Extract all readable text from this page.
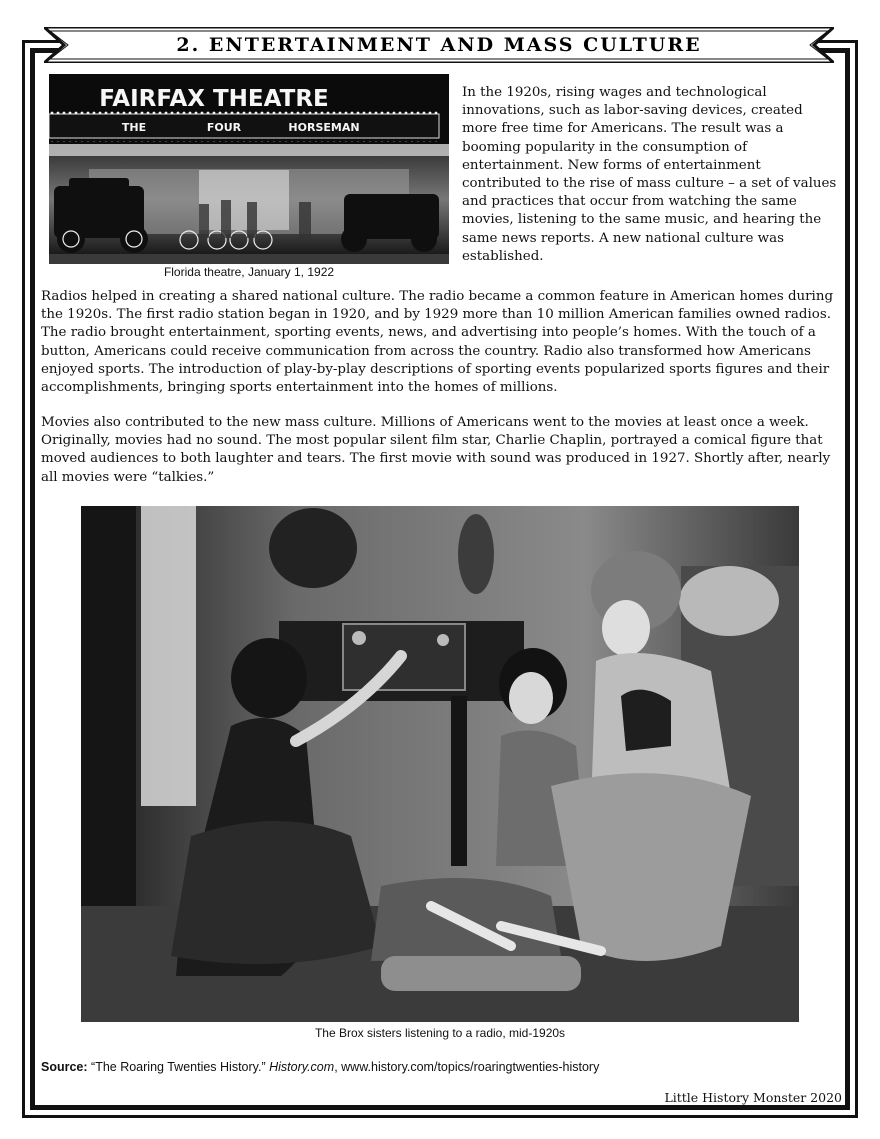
2. ENTERTAINMENT AND MASS CULTURE
FAIRFAX THEATRE
THE	FOUR	HORSEMAN
Florida theatre, January 1, 1922

In the 1920s, rising wages and technological innovations, such as labor-saving devices, created more free time for Americans. The result was a booming popularity in the consumption of entertainment. New forms of entertainment contributed to the rise of mass culture – a set of values and practices that occur from watching the same movies, listening to the same music, and hearing the same news reports. A new national culture was established.

Radios helped in creating a shared national culture. The radio became a common feature in American homes during the 1920s. The first radio station began in 1920, and by 1929 more than 10 million American families owned radios. The radio brought entertainment, sporting events, news, and advertising into people’s homes. With the touch of a button, Americans could receive communication from across the country. Radio also transformed how Americans enjoyed sports. The introduction of play-by-play descriptions of sporting events popularized sports figures and their accomplishments, bringing sports entertainment into the homes of millions.

Movies also contributed to the new mass culture. Millions of Americans went to the movies at least once a week. Originally, movies had no sound. The most popular silent film star, Charlie Chaplin, portrayed a comical figure that moved audiences to both laughter and tears. The first movie with sound was produced in 1927. Shortly after, nearly all movies were “talkies.”

The Brox sisters listening to a radio, mid-1920s
Source: “The Roaring Twenties History.” History.com, www.history.com/topics/roaringtwenties-history
Little History Monster 2020
